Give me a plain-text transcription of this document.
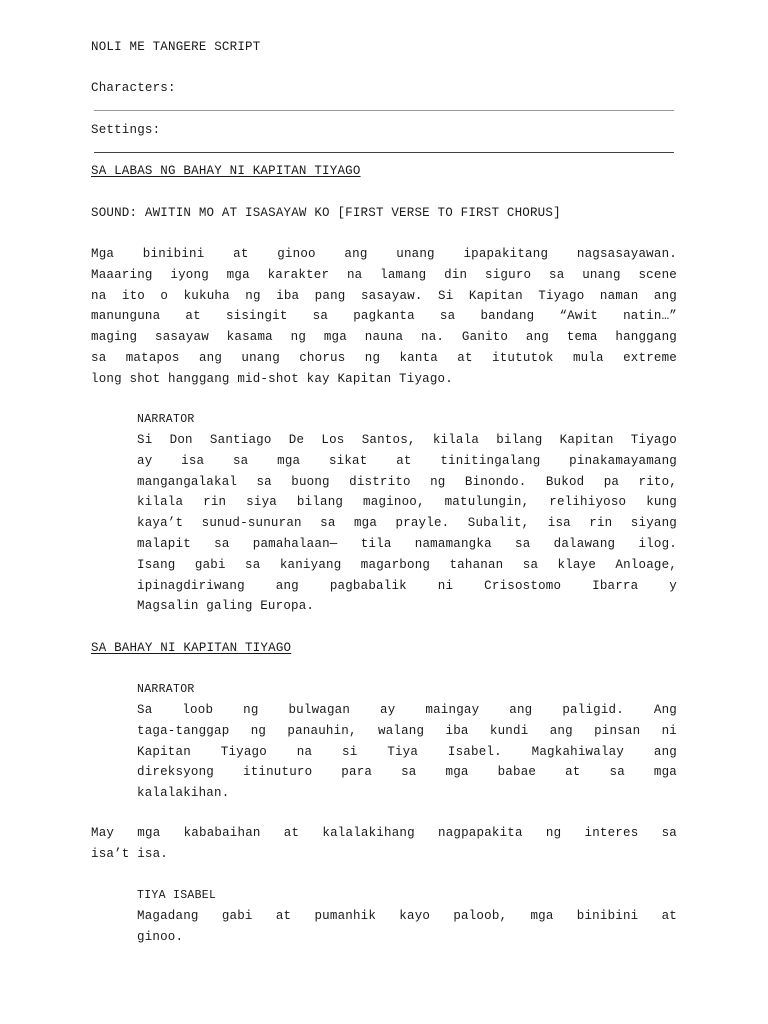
NOLI ME TANGERE SCRIPT
Characters:
Settings:
SA LABAS NG BAHAY NI KAPITAN TIYAGO
SOUND: AWITIN MO AT ISASAYAW KO [FIRST VERSE TO FIRST CHORUS]
Mga binibini at ginoo ang unang ipapakitang nagsasayawan.
Maaaring iyong mga karakter na lamang din siguro sa unang scene
na ito o kukuha ng iba pang sasayaw. Si Kapitan Tiyago naman ang
manunguna at sisingit sa pagkanta sa bandang “Awit natin…”
maging sasayaw kasama ng mga nauna na. Ganito ang tema hanggang
sa matapos ang unang chorus ng kanta at itututok mula extreme
long shot hanggang mid-shot kay Kapitan Tiyago.
NARRATOR
Si Don Santiago De Los Santos, kilala bilang Kapitan Tiyago
ay isa sa mga sikat at tinitingalang pinakamayamang
mangangalakal sa buong distrito ng Binondo. Bukod pa rito,
kilala rin siya bilang maginoo, matulungin, relihiyoso kung
kaya’t sunud-sunuran sa mga prayle. Subalit, isa rin siyang
malapit sa pamahalaan— tila namamangka sa dalawang ilog.
Isang gabi sa kaniyang magarbong tahanan sa klaye Anloage,
ipinagdiriwang ang pagbabalik ni Crisostomo Ibarra y
Magsalin galing Europa.
SA BAHAY NI KAPITAN TIYAGO
NARRATOR
Sa loob ng bulwagan ay maingay ang paligid. Ang
taga-tanggap ng panauhin, walang iba kundi ang pinsan ni
Kapitan Tiyago na si Tiya Isabel. Magkahiwalay ang
direksyong itinuturo para sa mga babae at sa mga
kalalakihan.
May mga kababaihan at kalalakihang nagpapakita ng interes sa
isa’t isa.
TIYA ISABEL
Magadang gabi at pumanhik kayo paloob, mga binibini at
ginoo.
